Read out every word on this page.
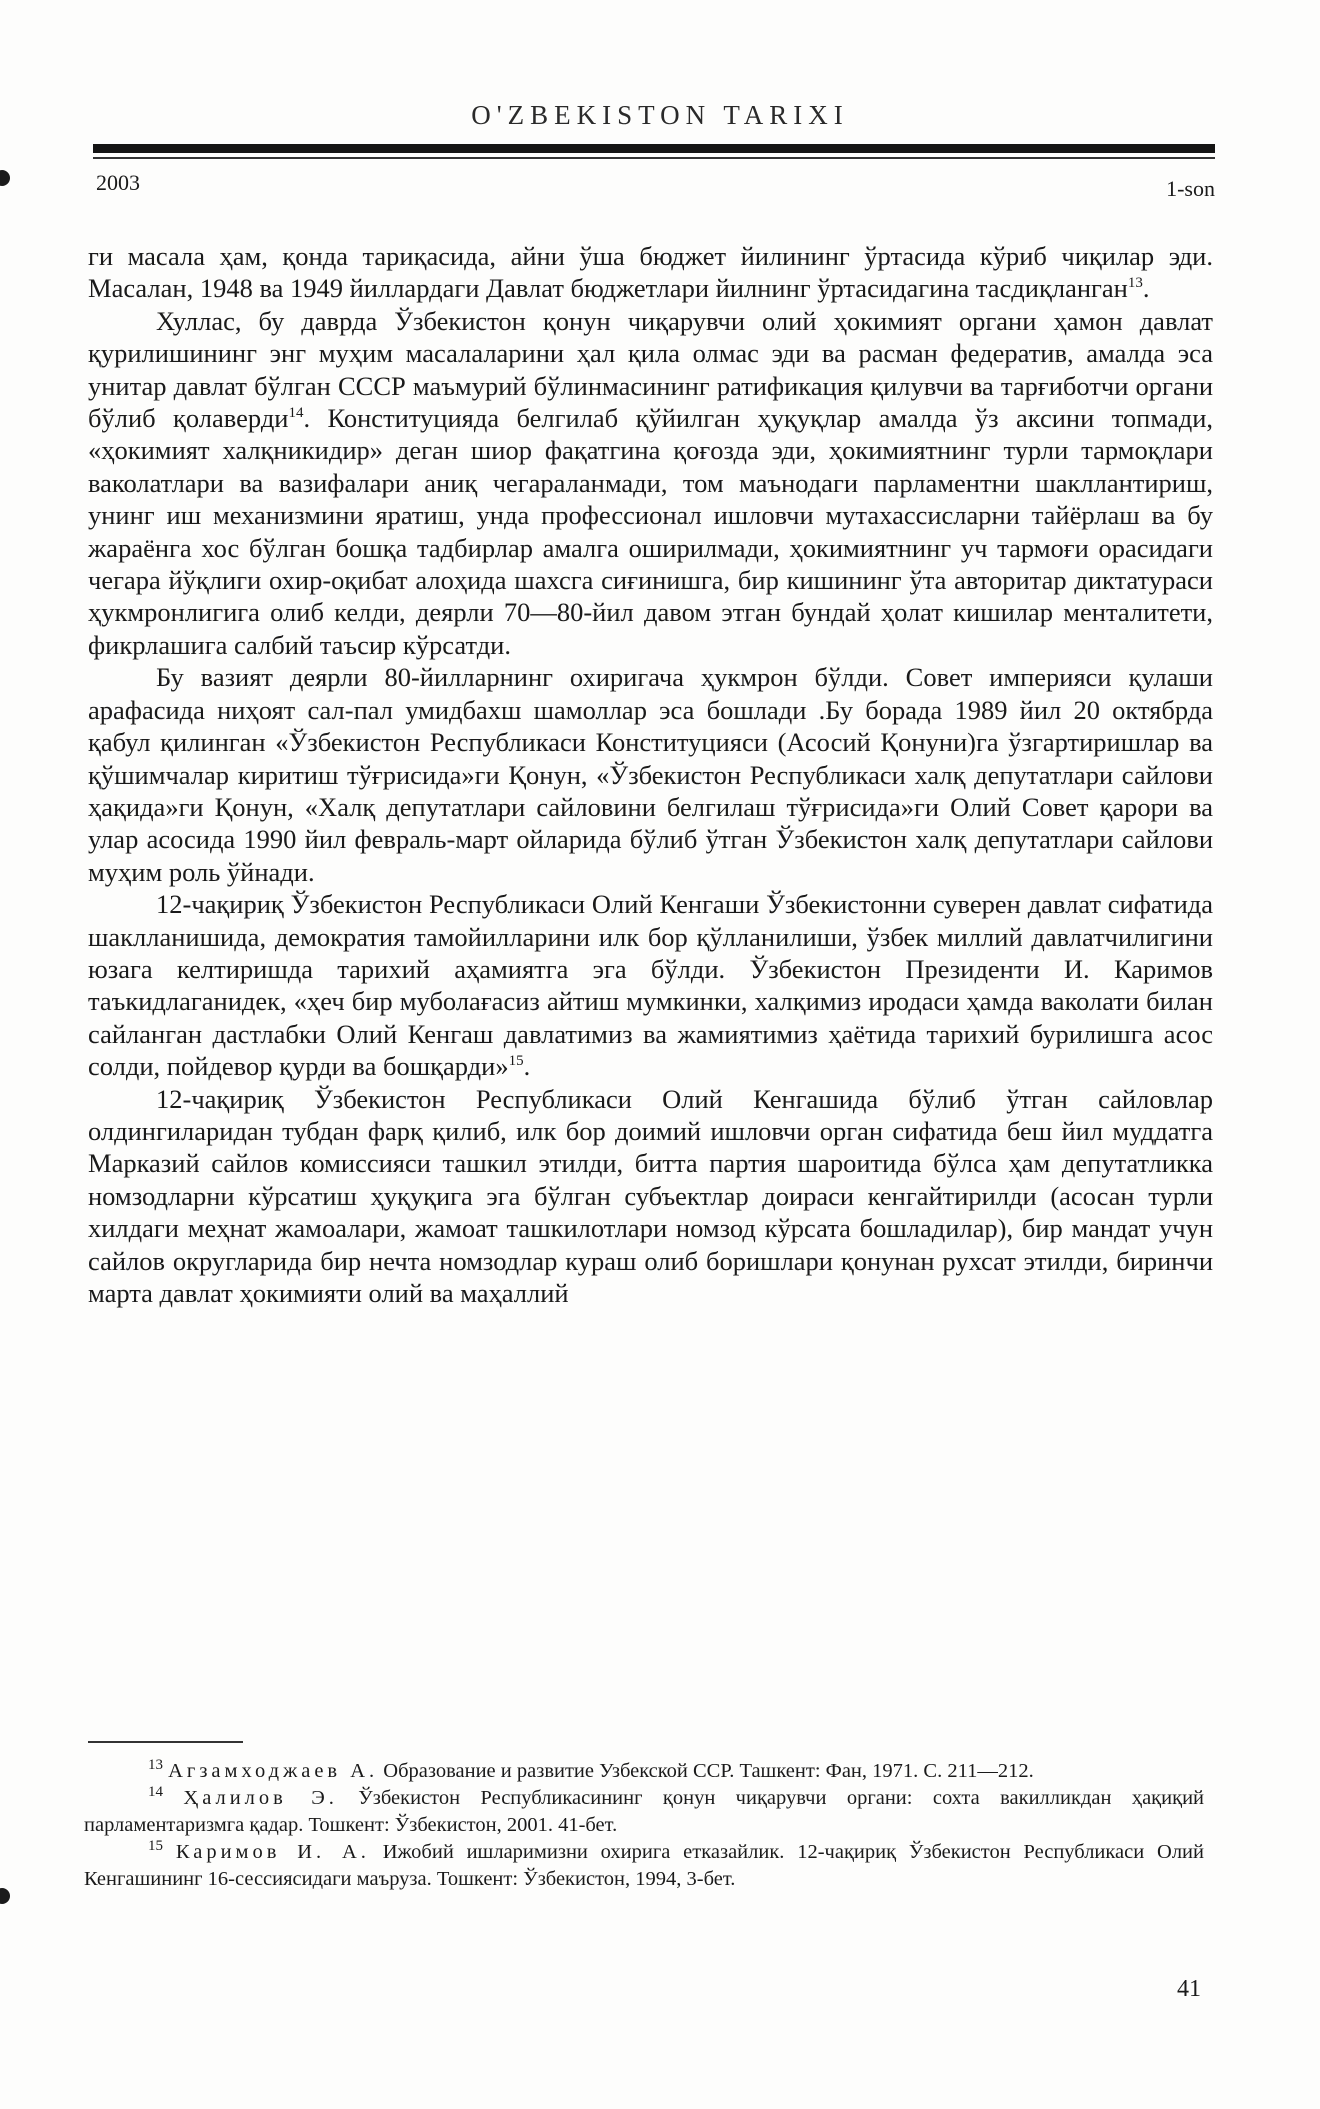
O'ZBEKISTON TARIXI
2003	1-son

ги масала ҳам, қонда тариқасида, айни ўша бюджет йилининг ўртасида кўриб чиқилар эди. Масалан, 1948 ва 1949 йиллардаги Давлат бюджетлари йилнинг ўртасидагина тасдиқланган$^{13}$.

Хуллас, бу даврда Ўзбекистон қонун чиқарувчи олий ҳокимият органи ҳамон давлат қурилишининг энг муҳим масалаларини ҳал қила олмас эди ва расман федератив, амалда эса унитар давлат бўлган СССР маъмурий бўлинмасининг ратификация қилувчи ва тарғиботчи органи бўлиб қолаверди$^{14}$. Конституцияда белгилаб қўйилган ҳуқуқлар амалда ўз аксини топмади, «ҳокимият халқникидир» деган шиор фақатгина қоғозда эди, ҳокимиятнинг турли тармоқлари ваколатлари ва вазифалари аниқ чегараланмади, том маънодаги парламентни шакллантириш, унинг иш механизмини яратиш, унда профессионал ишловчи мутахассисларни тайёрлаш ва бу жараёнга хос бўлган бошқа тадбирлар амалга оширилмади, ҳокимиятнинг уч тармоғи орасидаги чегара йўқлиги охир-оқибат алоҳида шахсга сиғинишга, бир кишининг ўта авторитар диктатураси ҳукмронлигига олиб келди, деярли 70—80-йил давом этган бундай ҳолат кишилар менталитети, фикрлашига салбий таъсир кўрсатди.

Бу вазият деярли 80-йилларнинг охиригача ҳукмрон бўлди. Совет империяси қулаши арафасида ниҳоят сал-пал умидбахш шамоллар эса бошлади .Бу борада 1989 йил 20 октябрда қабул қилинган «Ўзбекистон Республикаси Конституцияси (Асосий Қонуни)га ўзгартиришлар ва қўшимчалар киритиш тўғрисида»ги Қонун, «Ўзбекистон Республикаси халқ депутатлари сайлови ҳақида»ги Қонун, «Халқ депутатлари сайловини белгилаш тўғрисида»ги Олий Совет қарори ва улар асосида 1990 йил февраль-март ойларида бўлиб ўтган Ўзбекистон халқ депутатлари сайлови муҳим роль ўйнади.

12-чақириқ Ўзбекистон Республикаси Олий Кенгаши Ўзбекистонни суверен давлат сифатида шаклланишида, демократия тамойилларини илк бор қўлланилиши, ўзбек миллий давлатчилигини юзага келтиришда тарихий аҳамиятга эга бўлди. Ўзбекистон Президенти И. Каримов таъкидлаганидек, «ҳеч бир муболағасиз айтиш мумкинки, халқимиз иродаси ҳамда ваколати билан сайланган дастлабки Олий Кенгаш давлатимиз ва жамиятимиз ҳаётида тарихий бурилишга асос солди, пойдевор қурди ва бошқарди»$^{15}$.

12-чақириқ Ўзбекистон Республикаси Олий Кенгашида бўлиб ўтган сайловлар олдингиларидан тубдан фарқ қилиб, илк бор доимий ишловчи орган сифатида беш йил муддатга Марказий сайлов комиссияси ташкил этилди, битта партия шароитида бўлса ҳам депутатликка номзодларни кўрсатиш ҳуқуқига эга бўлган субъектлар доираси кенгайтирилди (асосан турли хилдаги меҳнат жамоалари, жамоат ташкилотлари номзод кўрсата бошладилар), бир мандат учун сайлов округларида бир нечта номзодлар кураш олиб боришлари қонунан рухсат этилди, биринчи марта давлат ҳокимияти олий ва маҳаллий

$^{13}$ Агзамходжаев А. Образование и развитие Узбекской ССР. Ташкент: Фан, 1971. С. 211—212.

$^{14}$ Ҳалилов Э. Ўзбекистон Республикасининг қонун чиқарувчи органи: сохта вакилликдан ҳақиқий парламентаризмга қадар. Тошкент: Ўзбекистон, 2001. 41-бет.

$^{15}$ Каримов И. А. Ижобий ишларимизни охирига етказайлик. 12-чақириқ Ўзбекистон Республикаси Олий Кенгашининг 16-сессиясидаги маъруза. Тошкент: Ўзбекистон, 1994, 3-бет.

41
